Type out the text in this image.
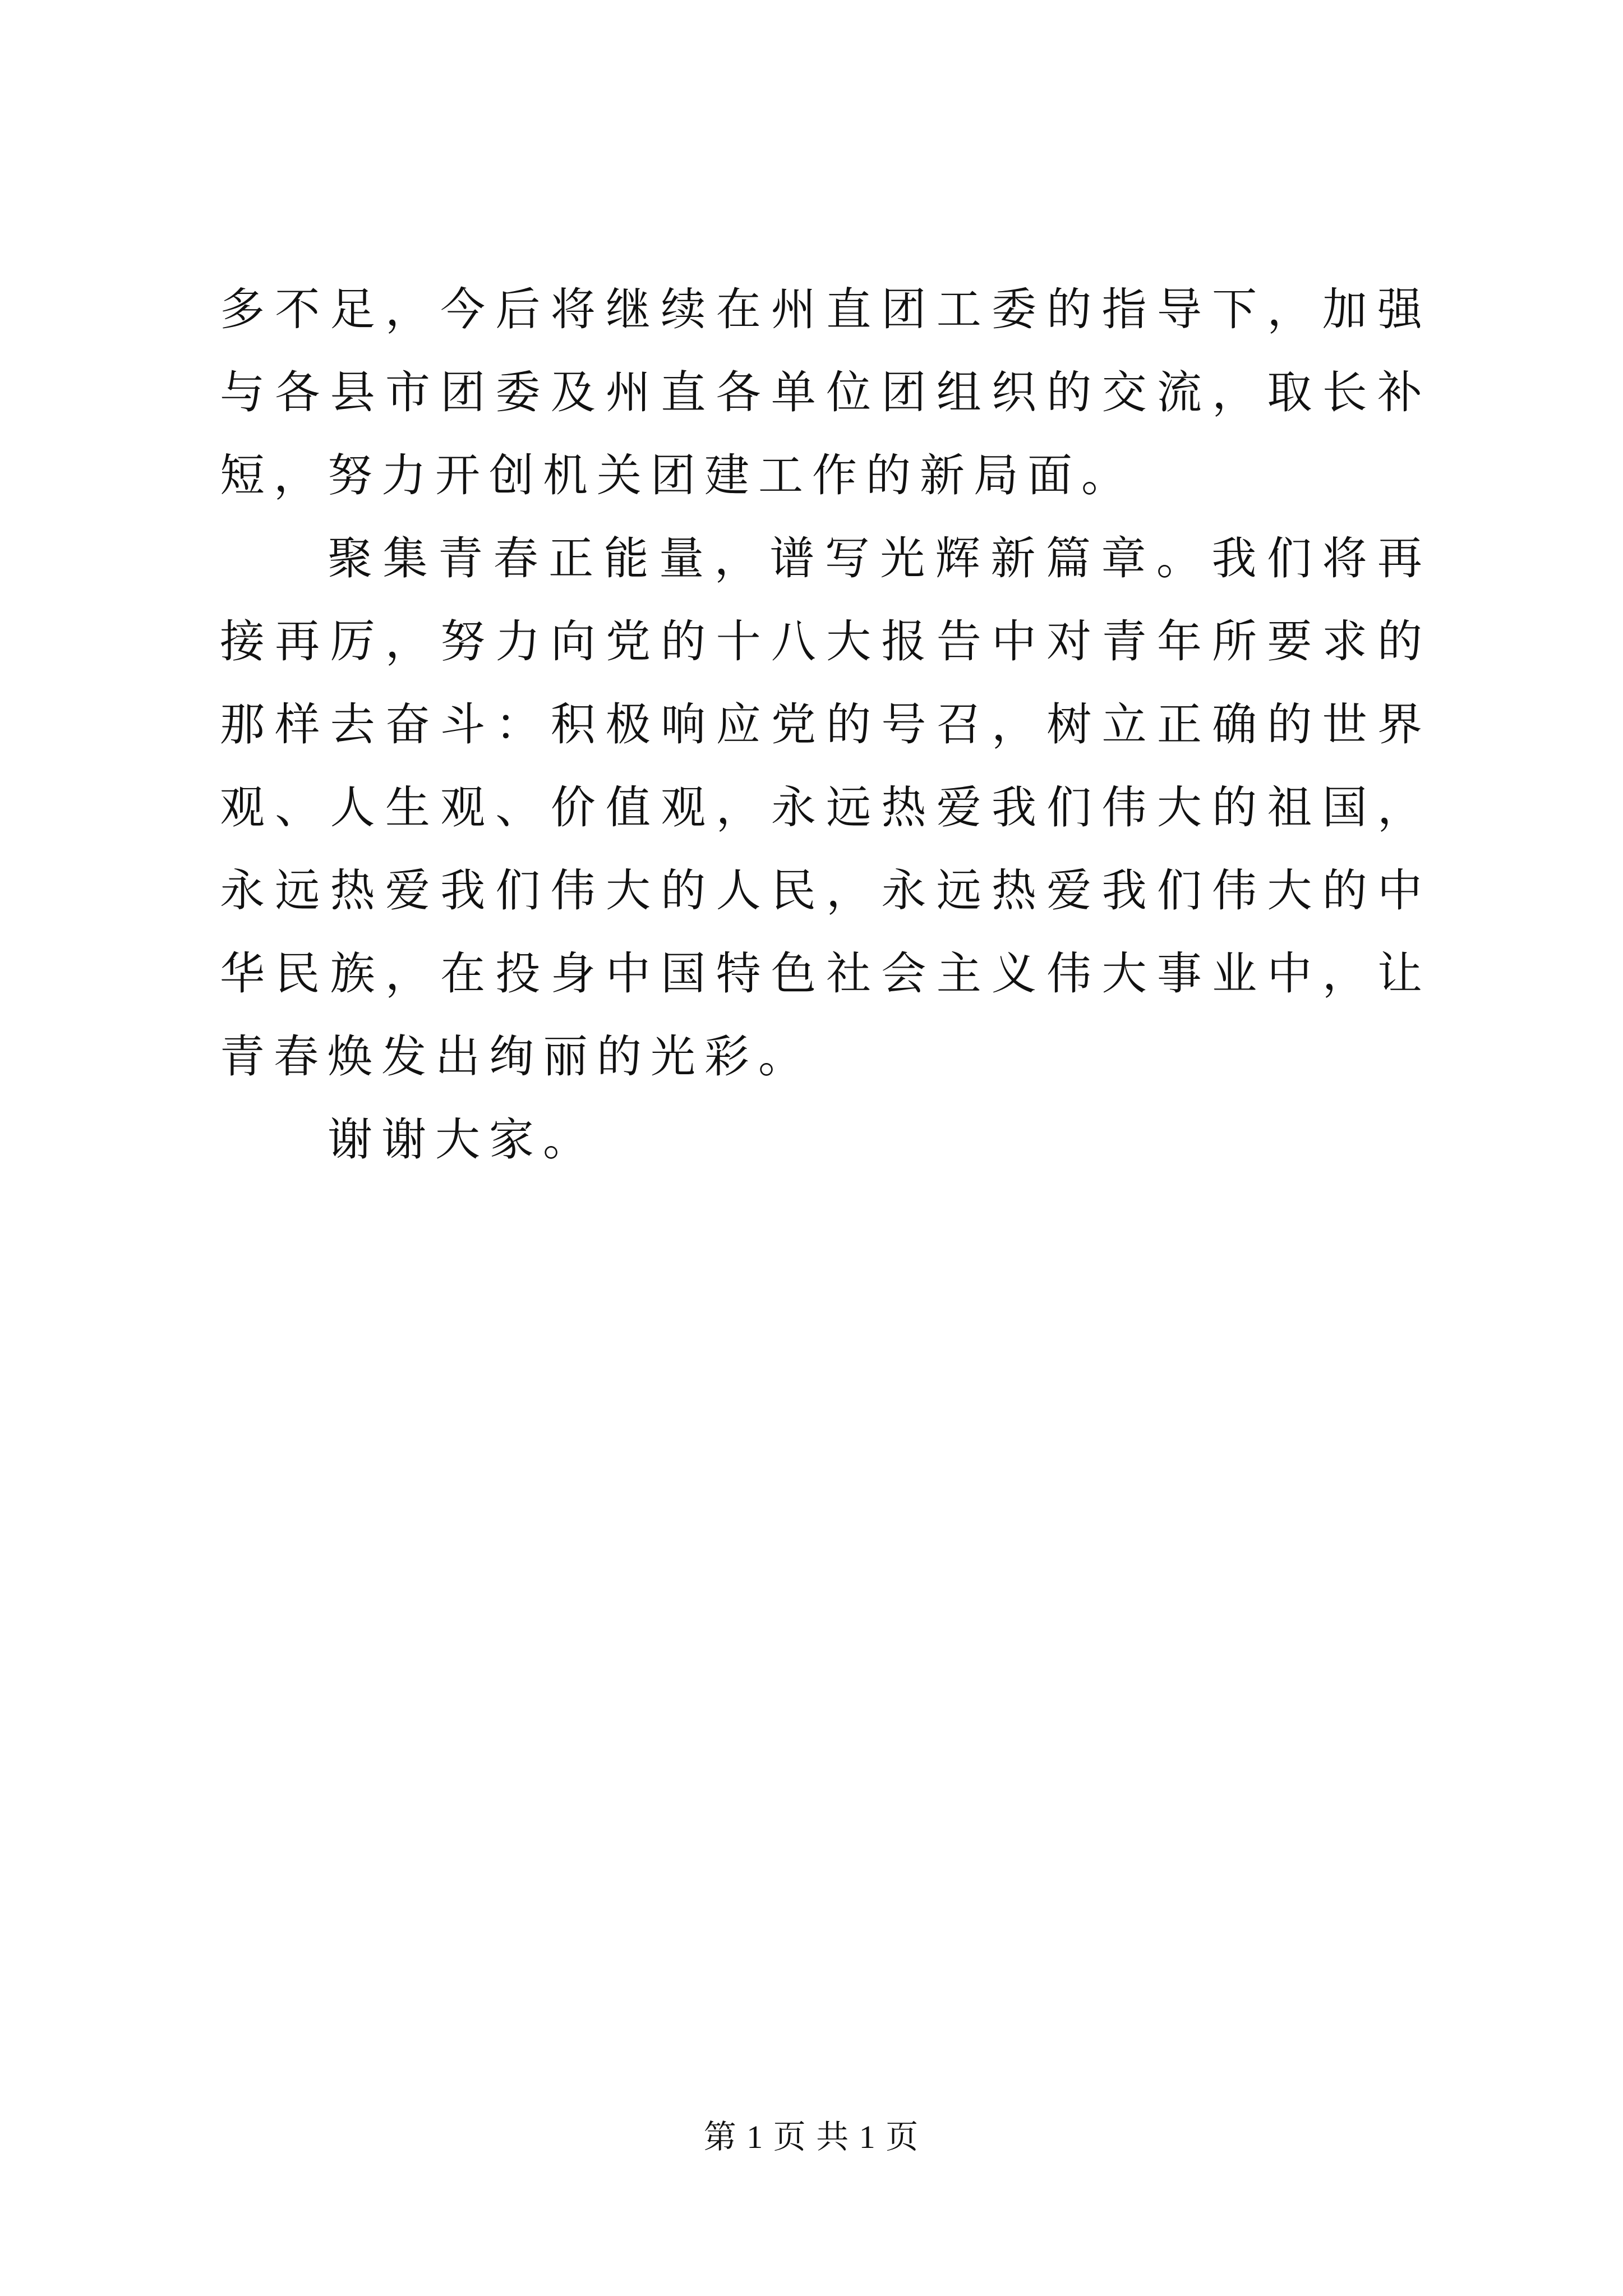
多不足，今后将继续在州直团工委的指导下，加强与各县市团委及州直各单位团组织的交流，取长补短，努力开创机关团建工作的新局面。

聚集青春正能量，谱写光辉新篇章。我们将再接再厉，努力向党的十八大报告中对青年所要求的那样去奋斗：积极响应党的号召，树立正确的世界观、人生观、价值观，永远热爱我们伟大的祖国，永远热爱我们伟大的人民，永远热爱我们伟大的中华民族，在投身中国特色社会主义伟大事业中，让青春焕发出绚丽的光彩。

谢谢大家。

第 1 页 共 1 页
